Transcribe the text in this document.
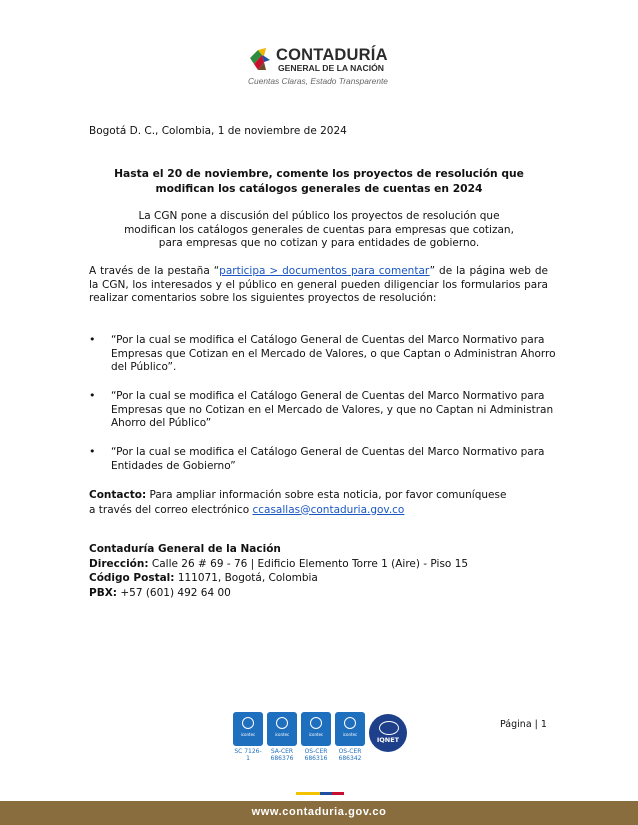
CONTADURÍA
GENERAL DE LA NACIÓN
Cuentas Claras, Estado Transparente
Bogotá D. C., Colombia, 1 de noviembre de 2024
Hasta el 20 de noviembre, comente los proyectos de resolución que
modifican los catálogos generales de cuentas en 2024
La CGN pone a discusión del público los proyectos de resolución que
modifican los catálogos generales de cuentas para empresas que cotizan,
para empresas que no cotizan y para entidades de gobierno.
A través de la pestaña “participa > documentos para comentar” de la página web de la CGN, los interesados y el público en general pueden diligenciar los formularios para realizar comentarios sobre los siguientes proyectos de resolución:
• “Por la cual se modifica el Catálogo General de Cuentas del Marco Normativo para Empresas que Cotizan en el Mercado de Valores, o que Captan o Administran Ahorro del Público”.
• “Por la cual se modifica el Catálogo General de Cuentas del Marco Normativo para Empresas que no Cotizan en el Mercado de Valores, y que no Captan ni Administran Ahorro del Público”
• “Por la cual se modifica el Catálogo General de Cuentas del Marco Normativo para Entidades de Gobierno”
Contacto: Para ampliar información sobre esta noticia, por favor comuníquese
a través del correo electrónico ccasallas@contaduria.gov.co
Contaduría General de la Nación
Dirección: Calle 26 # 69 - 76 | Edificio Elemento Torre 1 (Aire) - Piso 15
Código Postal: 111071, Bogotá, Colombia
PBX: +57 (601) 492 64 00
icontec
SC 7126-1
icontec
SA-CER 686376
icontec
OS-CER 686316
icontec
OS-CER 686342
IQNET
Página | 1
www.contaduria.gov.co
